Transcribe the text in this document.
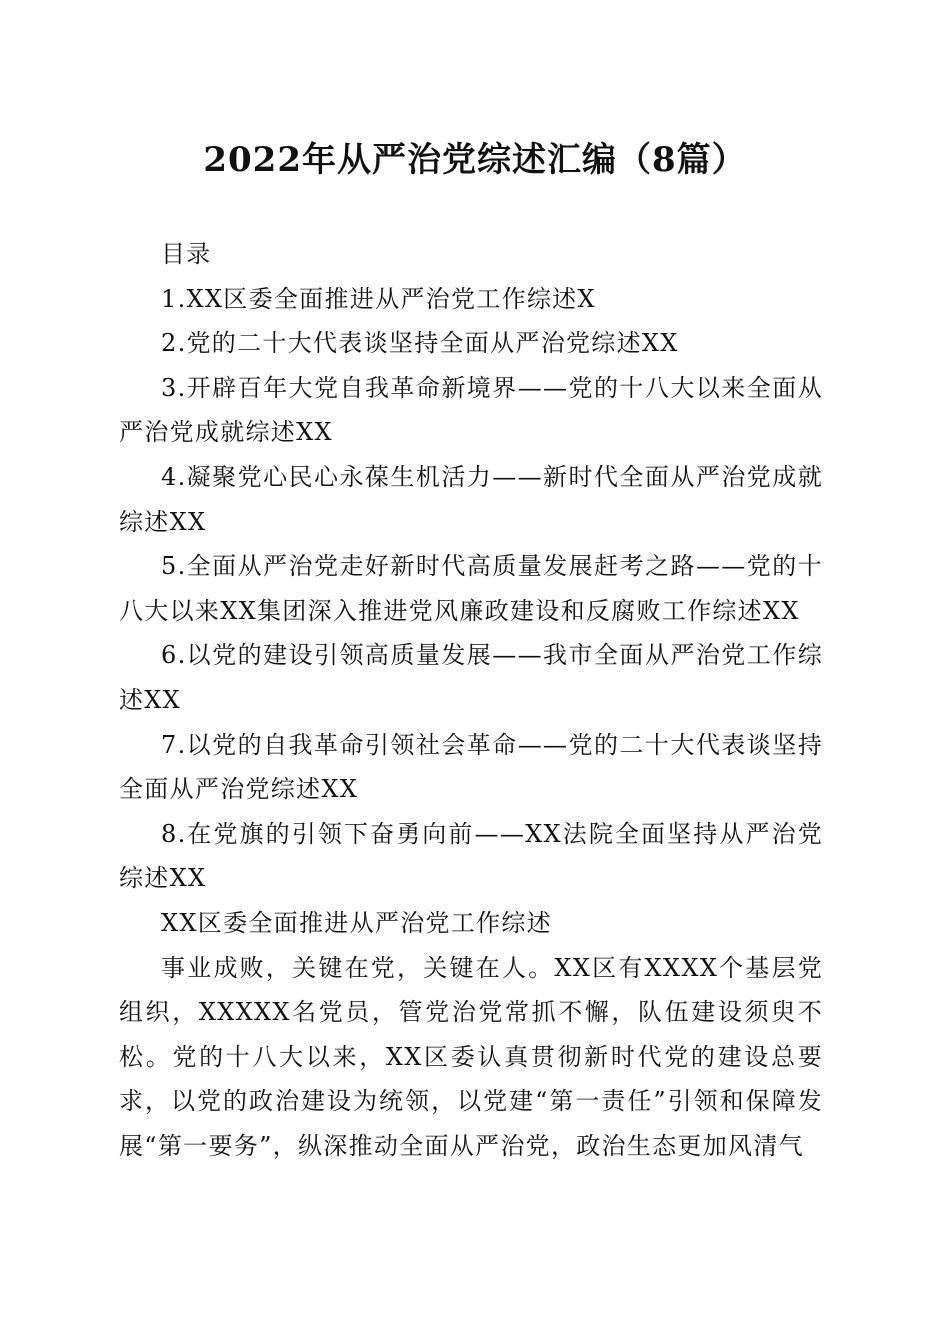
2022年从严治党综述汇编（8篇）

目录

1.XX区委全面推进从严治党工作综述X

2.党的二十大代表谈坚持全面从严治党综述XX

3.开辟百年大党自我革命新境界——党的十八大以来全面从严治党成就综述XX

4.凝聚党心民心永葆生机活力——新时代全面从严治党成就综述XX

5.全面从严治党走好新时代高质量发展赶考之路——党的十八大以来XX集团深入推进党风廉政建设和反腐败工作综述XX

6.以党的建设引领高质量发展——我市全面从严治党工作综述XX

7.以党的自我革命引领社会革命——党的二十大代表谈坚持全面从严治党综述XX

8.在党旗的引领下奋勇向前——XX法院全面坚持从严治党综述XX

XX区委全面推进从严治党工作综述

事业成败，关键在党，关键在人。XX区有XXXX个基层党组织，XXXXX名党员，管党治党常抓不懈，队伍建设须臾不松。党的十八大以来，XX区委认真贯彻新时代党的建设总要求，以党的政治建设为统领，以党建“第一责任”引领和保障发展“第一要务”，纵深推动全面从严治党，政治生态更加风清气
